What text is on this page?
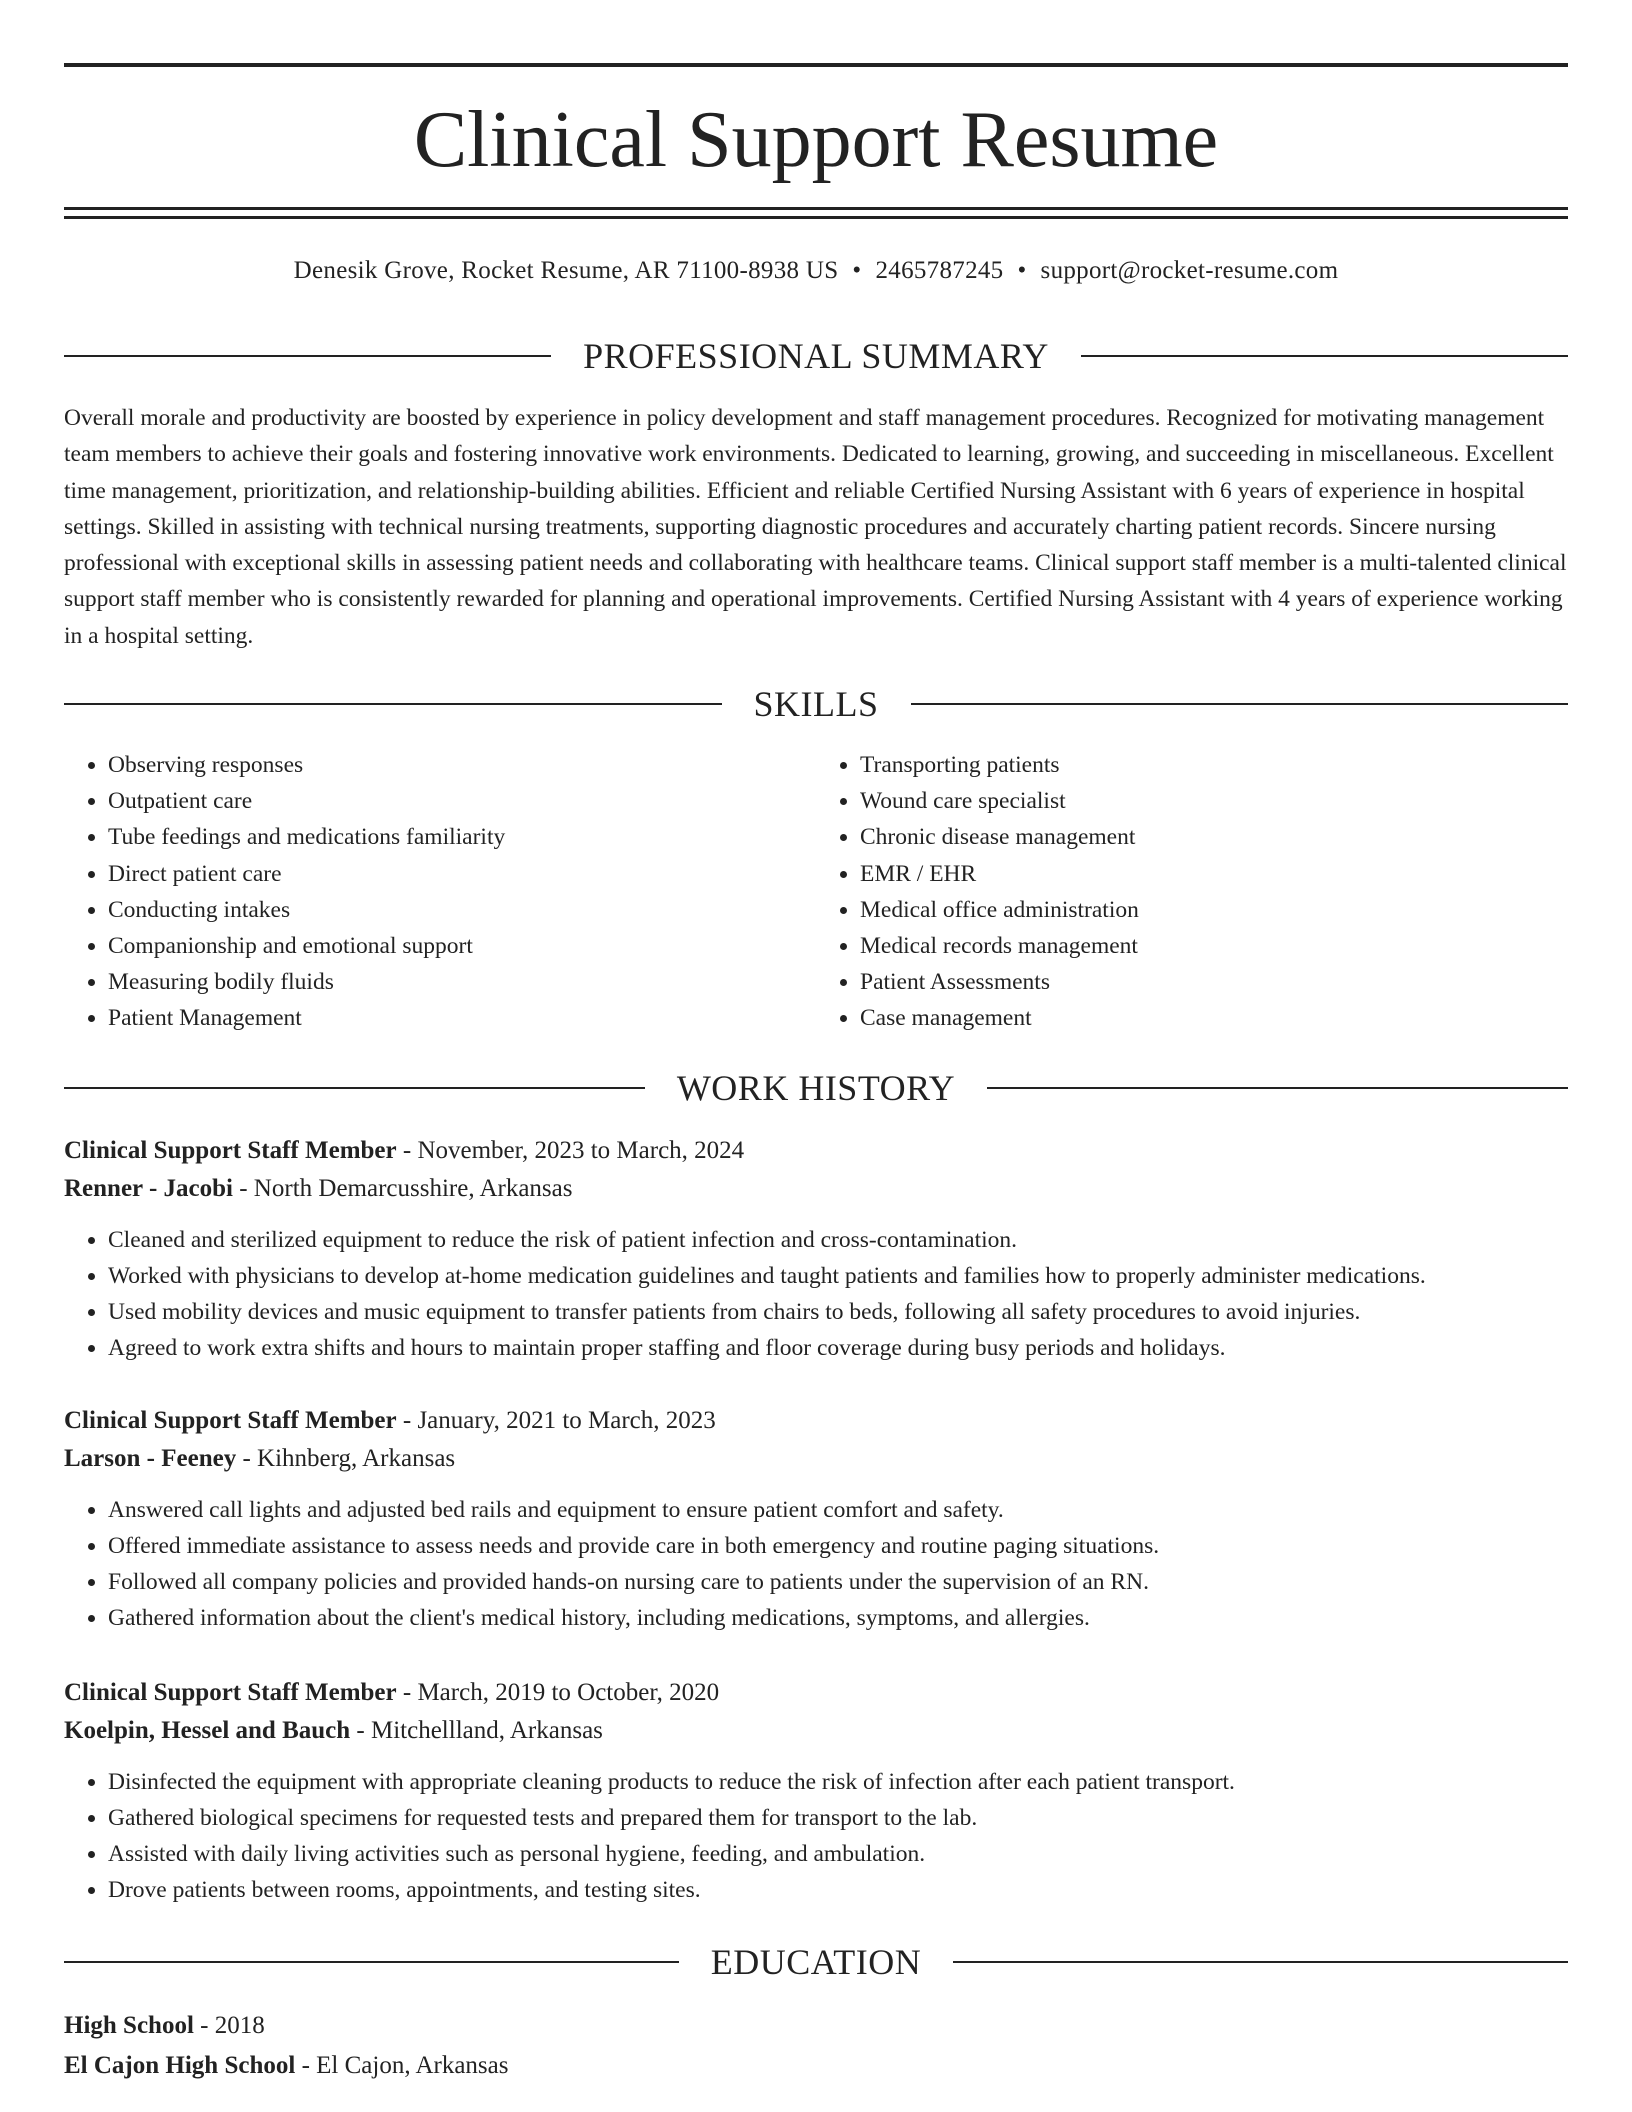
Clinical Support Resume
Denesik Grove, Rocket Resume, AR 71100-8938 US • 2465787245 • support@rocket-resume.com
PROFESSIONAL SUMMARY

Overall morale and productivity are boosted by experience in policy development and staff management procedures. Recognized for motivating management team members to achieve their goals and fostering innovative work environments. Dedicated to learning, growing, and succeeding in miscellaneous. Excellent time management, prioritization, and relationship-building abilities. Efficient and reliable Certified Nursing Assistant with 6 years of experience in hospital settings. Skilled in assisting with technical nursing treatments, supporting diagnostic procedures and accurately charting patient records. Sincere nursing professional with exceptional skills in assessing patient needs and collaborating with healthcare teams. Clinical support staff member is a multi-talented clinical support staff member who is consistently rewarded for planning and operational improvements. Certified Nursing Assistant with 4 years of experience working in a hospital setting.

SKILLS
• Observing responses
• Outpatient care
• Tube feedings and medications familiarity
• Direct patient care
• Conducting intakes
• Companionship and emotional support
• Measuring bodily fluids
• Patient Management
• Transporting patients
• Wound care specialist
• Chronic disease management
• EMR / EHR
• Medical office administration
• Medical records management
• Patient Assessments
• Case management
WORK HISTORY
Clinical Support Staff Member - November, 2023 to March, 2024
Renner - Jacobi - North Demarcusshire, Arkansas
• Cleaned and sterilized equipment to reduce the risk of patient infection and cross-contamination.
• Worked with physicians to develop at-home medication guidelines and taught patients and families how to properly administer medications.
• Used mobility devices and music equipment to transfer patients from chairs to beds, following all safety procedures to avoid injuries.
• Agreed to work extra shifts and hours to maintain proper staffing and floor coverage during busy periods and holidays.
Clinical Support Staff Member - January, 2021 to March, 2023
Larson - Feeney - Kihnberg, Arkansas
• Answered call lights and adjusted bed rails and equipment to ensure patient comfort and safety.
• Offered immediate assistance to assess needs and provide care in both emergency and routine paging situations.
• Followed all company policies and provided hands-on nursing care to patients under the supervision of an RN.
• Gathered information about the client's medical history, including medications, symptoms, and allergies.
Clinical Support Staff Member - March, 2019 to October, 2020
Koelpin, Hessel and Bauch - Mitchellland, Arkansas
• Disinfected the equipment with appropriate cleaning products to reduce the risk of infection after each patient transport.
• Gathered biological specimens for requested tests and prepared them for transport to the lab.
• Assisted with daily living activities such as personal hygiene, feeding, and ambulation.
• Drove patients between rooms, appointments, and testing sites.
EDUCATION
High School - 2018
El Cajon High School - El Cajon, Arkansas
